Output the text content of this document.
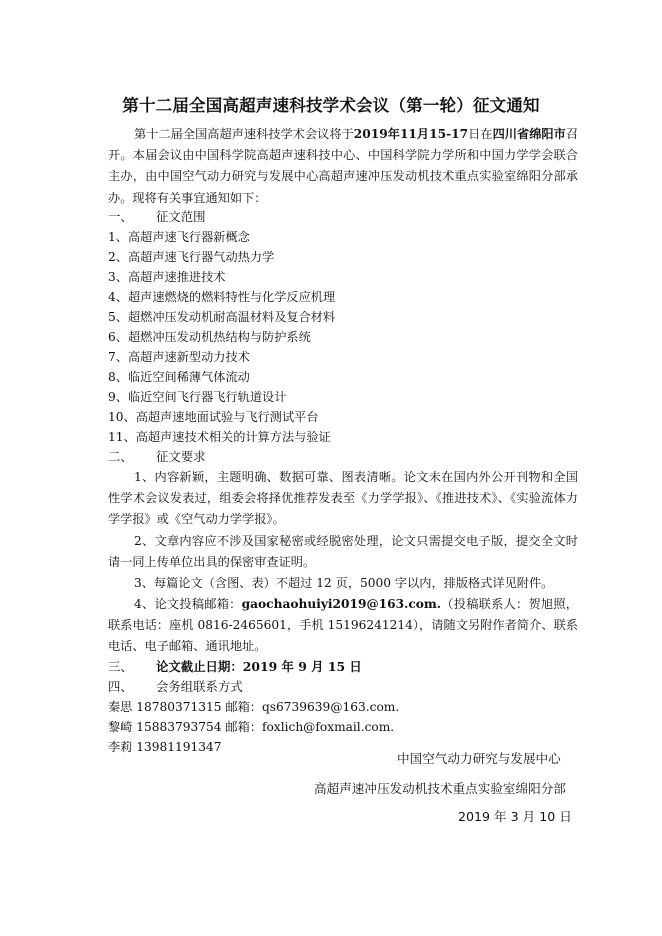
第十二届全国高超声速科技学术会议（第一轮）征文通知
第十二届全国高超声速科技学术会议将于2019年11月15-17日在四川省绵阳市召开。本届会议由中国科学院高超声速科技中心、中国科学院力学所和中国力学学会联合主办，由中国空气动力研究与发展中心高超声速冲压发动机技术重点实验室绵阳分部承办。现将有关事宜通知如下：
一、 征文范围
1、高超声速飞行器新概念
2、高超声速飞行器气动热力学
3、高超声速推进技术
4、超声速燃烧的燃料特性与化学反应机理
5、超燃冲压发动机耐高温材料及复合材料
6、超燃冲压发动机热结构与防护系统
7、高超声速新型动力技术
8、临近空间稀薄气体流动
9、临近空间飞行器飞行轨道设计
10、高超声速地面试验与飞行测试平台
11、高超声速技术相关的计算方法与验证
二、 征文要求
1、内容新颖，主题明确、数据可靠、图表清晰。论文未在国内外公开刊物和全国性学术会议发表过，组委会将择优推荐发表至《力学学报》、《推进技术》、《实验流体力学学报》或《空气动力学学报》。
2、文章内容应不涉及国家秘密或经脱密处理，论文只需提交电子版，提交全文时请一同上传单位出具的保密审查证明。
3、每篇论文（含图、表）不超过 12 页，5000 字以内，排版格式详见附件。
4、论文投稿邮箱：gaochaohuiyi2019@163.com.（投稿联系人：贺旭照，联系电话：座机 0816-2465601，手机 15196241214），请随文另附作者简介、联系电话、电子邮箱、通讯地址。
三、 论文截止日期：2019 年 9 月 15 日
四、 会务组联系方式
秦思 18780371315 邮箱：qs6739639@163.com.
黎崎 15883793754 邮箱：foxlich@foxmail.com.
李莉 13981191347
中国空气动力研究与发展中心
高超声速冲压发动机技术重点实验室绵阳分部
2019 年 3 月 10 日
